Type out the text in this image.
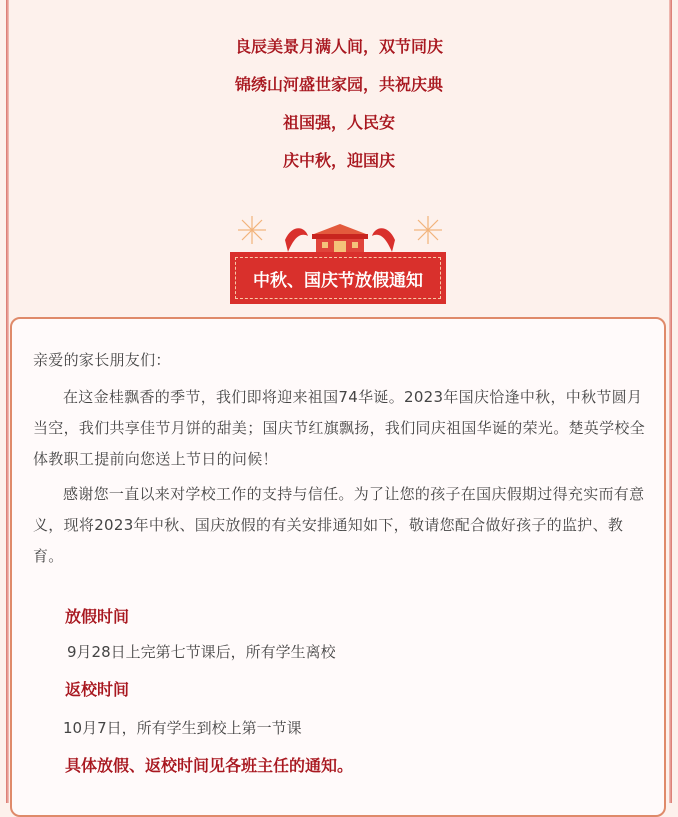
良辰美景月满人间，双节同庆
锦绣山河盛世家园，共祝庆典
祖国强，人民安
庆中秋，迎国庆
中秋、国庆节放假通知

亲爱的家长朋友们：

在这金桂飘香的季节，我们即将迎来祖国74华诞。2023年国庆恰逢中秋，中秋节圆月当空，我们共享佳节月饼的甜美；国庆节红旗飘扬，我们同庆祖国华诞的荣光。楚英学校全体教职工提前向您送上节日的问候！

感谢您一直以来对学校工作的支持与信任。为了让您的孩子在国庆假期过得充实而有意义，现将2023年中秋、国庆放假的有关安排通知如下，敬请您配合做好孩子的监护、教育。

放假时间

9月28日上完第七节课后，所有学生离校

返校时间

10月7日，所有学生到校上第一节课

具体放假、返校时间见各班主任的通知。
